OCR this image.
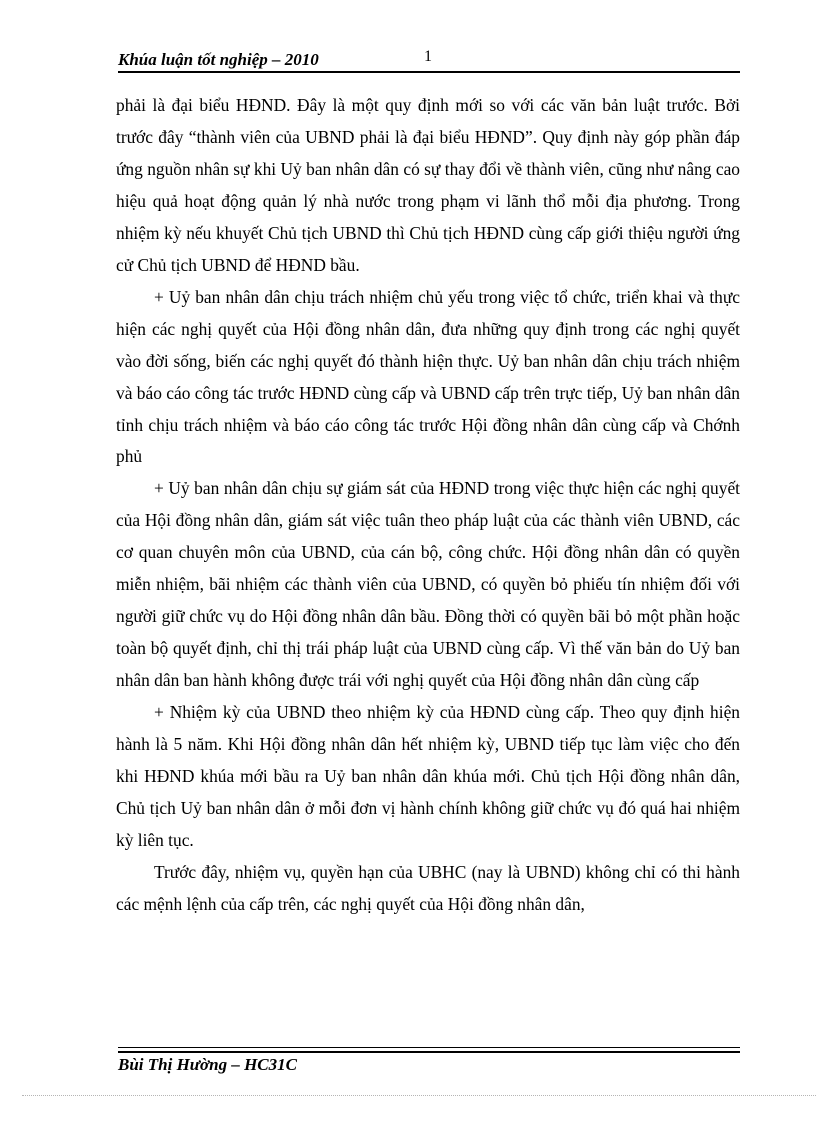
Khúa luận tốt nghiệp – 2010	1

phải là đại biểu HĐND. Đây là một quy định mới so với các văn bản luật trước. Bởi trước đây “thành viên của UBND phải là đại biểu HĐND”. Quy định này góp phần đáp ứng nguồn nhân sự khi Uỷ ban nhân dân có sự thay đổi về thành viên, cũng như nâng cao hiệu quả hoạt động quản lý nhà nước trong phạm vi lãnh thổ mỗi địa phương. Trong nhiệm kỳ nếu khuyết Chủ tịch UBND thì Chủ tịch HĐND cùng cấp giới thiệu người ứng cử Chủ tịch UBND để HĐND bầu.

+ Uỷ ban nhân dân chịu trách nhiệm chủ yếu trong việc tổ chức, triển khai và thực hiện các nghị quyết của Hội đồng nhân dân, đưa những quy định trong các nghị quyết vào đời sống, biến các nghị quyết đó thành hiện thực. Uỷ ban nhân dân chịu trách nhiệm và báo cáo công tác trước HĐND cùng cấp và UBND cấp trên trực tiếp, Uỷ ban nhân dân tỉnh chịu trách nhiệm và báo cáo công tác trước Hội đồng nhân dân cùng cấp và Chớnh phủ

+ Uỷ ban nhân dân chịu sự giám sát của HĐND trong việc thực hiện các nghị quyết của Hội đồng nhân dân, giám sát việc tuân theo pháp luật của các thành viên UBND, các cơ quan chuyên môn của UBND, của cán bộ, công chức. Hội đồng nhân dân có quyền miễn nhiệm, bãi nhiệm các thành viên của UBND, có quyền bỏ phiếu tín nhiệm đối với người giữ chức vụ do Hội đồng nhân dân bầu. Đồng thời có quyền bãi bỏ một phần hoặc toàn bộ quyết định, chỉ thị trái pháp luật của UBND cùng cấp. Vì thế văn bản do Uỷ ban nhân dân ban hành không được trái với nghị quyết của Hội đồng nhân dân cùng cấp

+ Nhiệm kỳ của UBND theo nhiệm kỳ của HĐND cùng cấp. Theo quy định hiện hành là 5 năm. Khi Hội đồng nhân dân hết nhiệm kỳ, UBND tiếp tục làm việc cho đến khi HĐND khúa mới bầu ra Uỷ ban nhân dân khúa mới. Chủ tịch Hội đồng nhân dân, Chủ tịch Uỷ ban nhân dân ở mỗi đơn vị hành chính không giữ chức vụ đó quá hai nhiệm kỳ liên tục.

Trước đây, nhiệm vụ, quyền hạn của UBHC (nay là UBND) không chỉ có thi hành các mệnh lệnh của cấp trên, các nghị quyết của Hội đồng nhân dân,

Bùi Thị Hường – HC31C
